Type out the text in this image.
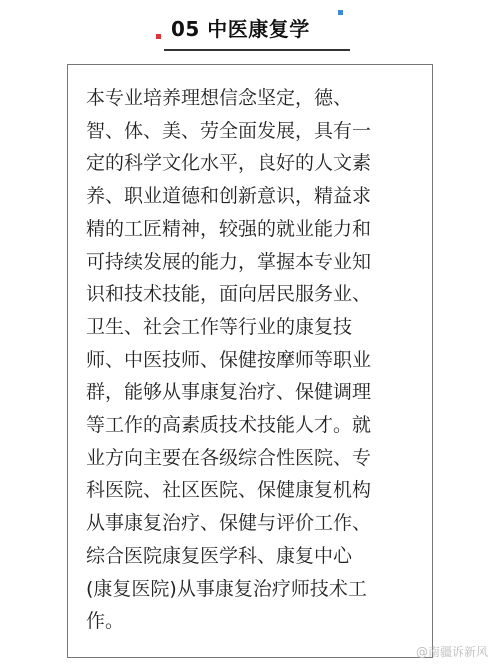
05 中医康复学
本专业培养理想信念坚定，德、
智、体、美、劳全面发展，具有一
定的科学文化水平，良好的人文素
养、职业道德和创新意识，精益求
精的工匠精神，较强的就业能力和
可持续发展的能力，掌握本专业知
识和技术技能，面向居民服务业、
卫生、社会工作等行业的康复技
师、中医技师、保健按摩师等职业
群，能够从事康复治疗、保健调理
等工作的高素质技术技能人才。就
业方向主要在各级综合性医院、专
科医院、社区医院、保健康复机构
从事康复治疗、保健与评价工作、
综合医院康复医学科、康复中心
(康复医院)从事康复治疗师技术工
作。
@南疆诉新风
